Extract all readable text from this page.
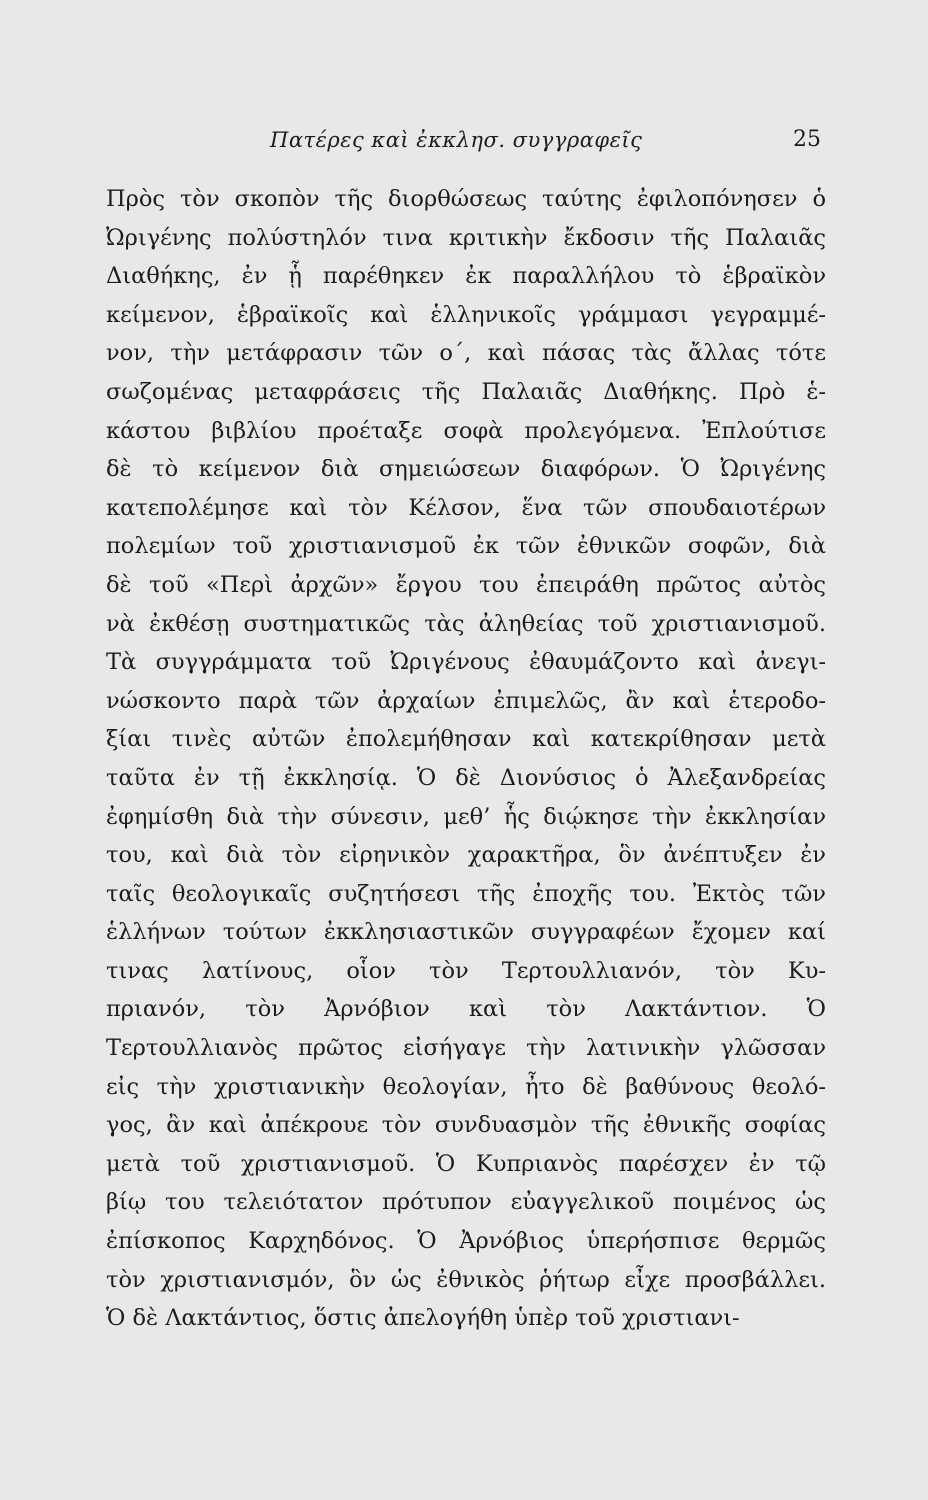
Πατέρες καὶ ἐκκλησ. συγγραφεῖς	25
Πρὸς τὸν σκοπὸν τῆς διορθώσεως ταύτης ἐφιλοπόνησεν ὁ
Ὠριγένης πολύστηλόν τινα κριτικὴν ἔκδοσιν τῆς Παλαιᾶς
Διαθήκης, ἐν ᾗ παρέθηκεν ἐκ παραλλήλου τὸ ἑβραϊκὸν
κείμενον, ἑβραϊκοῖς καὶ ἑλληνικοῖς γράμμασι γεγραμμέ-
νον, τὴν μετάφρασιν τῶν ο΄, καὶ πάσας τὰς ἄλλας τότε
σωζομένας μεταφράσεις τῆς Παλαιᾶς Διαθήκης. Πρὸ ἑ-
κάστου βιβλίου προέταξε σοφὰ προλεγόμενα. Ἐπλούτισε
δὲ τὸ κείμενον διὰ σημειώσεων διαφόρων. Ὁ Ὠριγένης
κατεπολέμησε καὶ τὸν Κέλσον, ἕνα τῶν σπουδαιοτέρων
πολεμίων τοῦ χριστιανισμοῦ ἐκ τῶν ἐθνικῶν σοφῶν, διὰ
δὲ τοῦ «Περὶ ἀρχῶν» ἔργου του ἐπειράθη πρῶτος αὐτὸς
νὰ ἐκθέσῃ συστηματικῶς τὰς ἀληθείας τοῦ χριστιανισμοῦ.
Τὰ συγγράμματα τοῦ Ὠριγένους ἐθαυμάζοντο καὶ ἀνεγι-
νώσκοντο παρὰ τῶν ἀρχαίων ἐπιμελῶς, ἂν καὶ ἑτεροδο-
ξίαι τινὲς αὐτῶν ἐπολεμήθησαν καὶ κατεκρίθησαν μετὰ
ταῦτα ἐν τῇ ἐκκλησίᾳ. Ὁ δὲ Διονύσιος ὁ Ἀλεξανδρείας
ἐφημίσθη διὰ τὴν σύνεσιν, μεθ’ ἧς διῴκησε τὴν ἐκκλησίαν
του, καὶ διὰ τὸν εἰρηνικὸν χαρακτῆρα, ὃν ἀνέπτυξεν ἐν
ταῖς θεολογικαῖς συζητήσεσι τῆς ἐποχῆς του. Ἐκτὸς τῶν
ἑλλήνων τούτων ἐκκλησιαστικῶν συγγραφέων ἔχομεν καί
τινας λατίνους, οἷον τὸν Τερτουλλιανόν, τὸν Κυ-
πριανόν, τὸν Ἀρνόβιον καὶ τὸν Λακτάντιον. Ὁ
Τερτουλλιανὸς πρῶτος εἰσήγαγε τὴν λατινικὴν γλῶσσαν
εἰς τὴν χριστιανικὴν θεολογίαν, ἦτο δὲ βαθύνους θεολό-
γος, ἂν καὶ ἀπέκρουε τὸν συνδυασμὸν τῆς ἐθνικῆς σοφίας
μετὰ τοῦ χριστιανισμοῦ. Ὁ Κυπριανὸς παρέσχεν ἐν τῷ
βίῳ του τελειότατον πρότυπον εὐαγγελικοῦ ποιμένος ὡς
ἐπίσκοπος Καρχηδόνος. Ὁ Ἀρνόβιος ὑπερήσπισε θερμῶς
τὸν χριστιανισμόν, ὃν ὡς ἐθνικὸς ῥήτωρ εἶχε προσβάλλει.
Ὁ δὲ Λακτάντιος, ὅστις ἀπελογήθη ὑπὲρ τοῦ χριστιανι-
